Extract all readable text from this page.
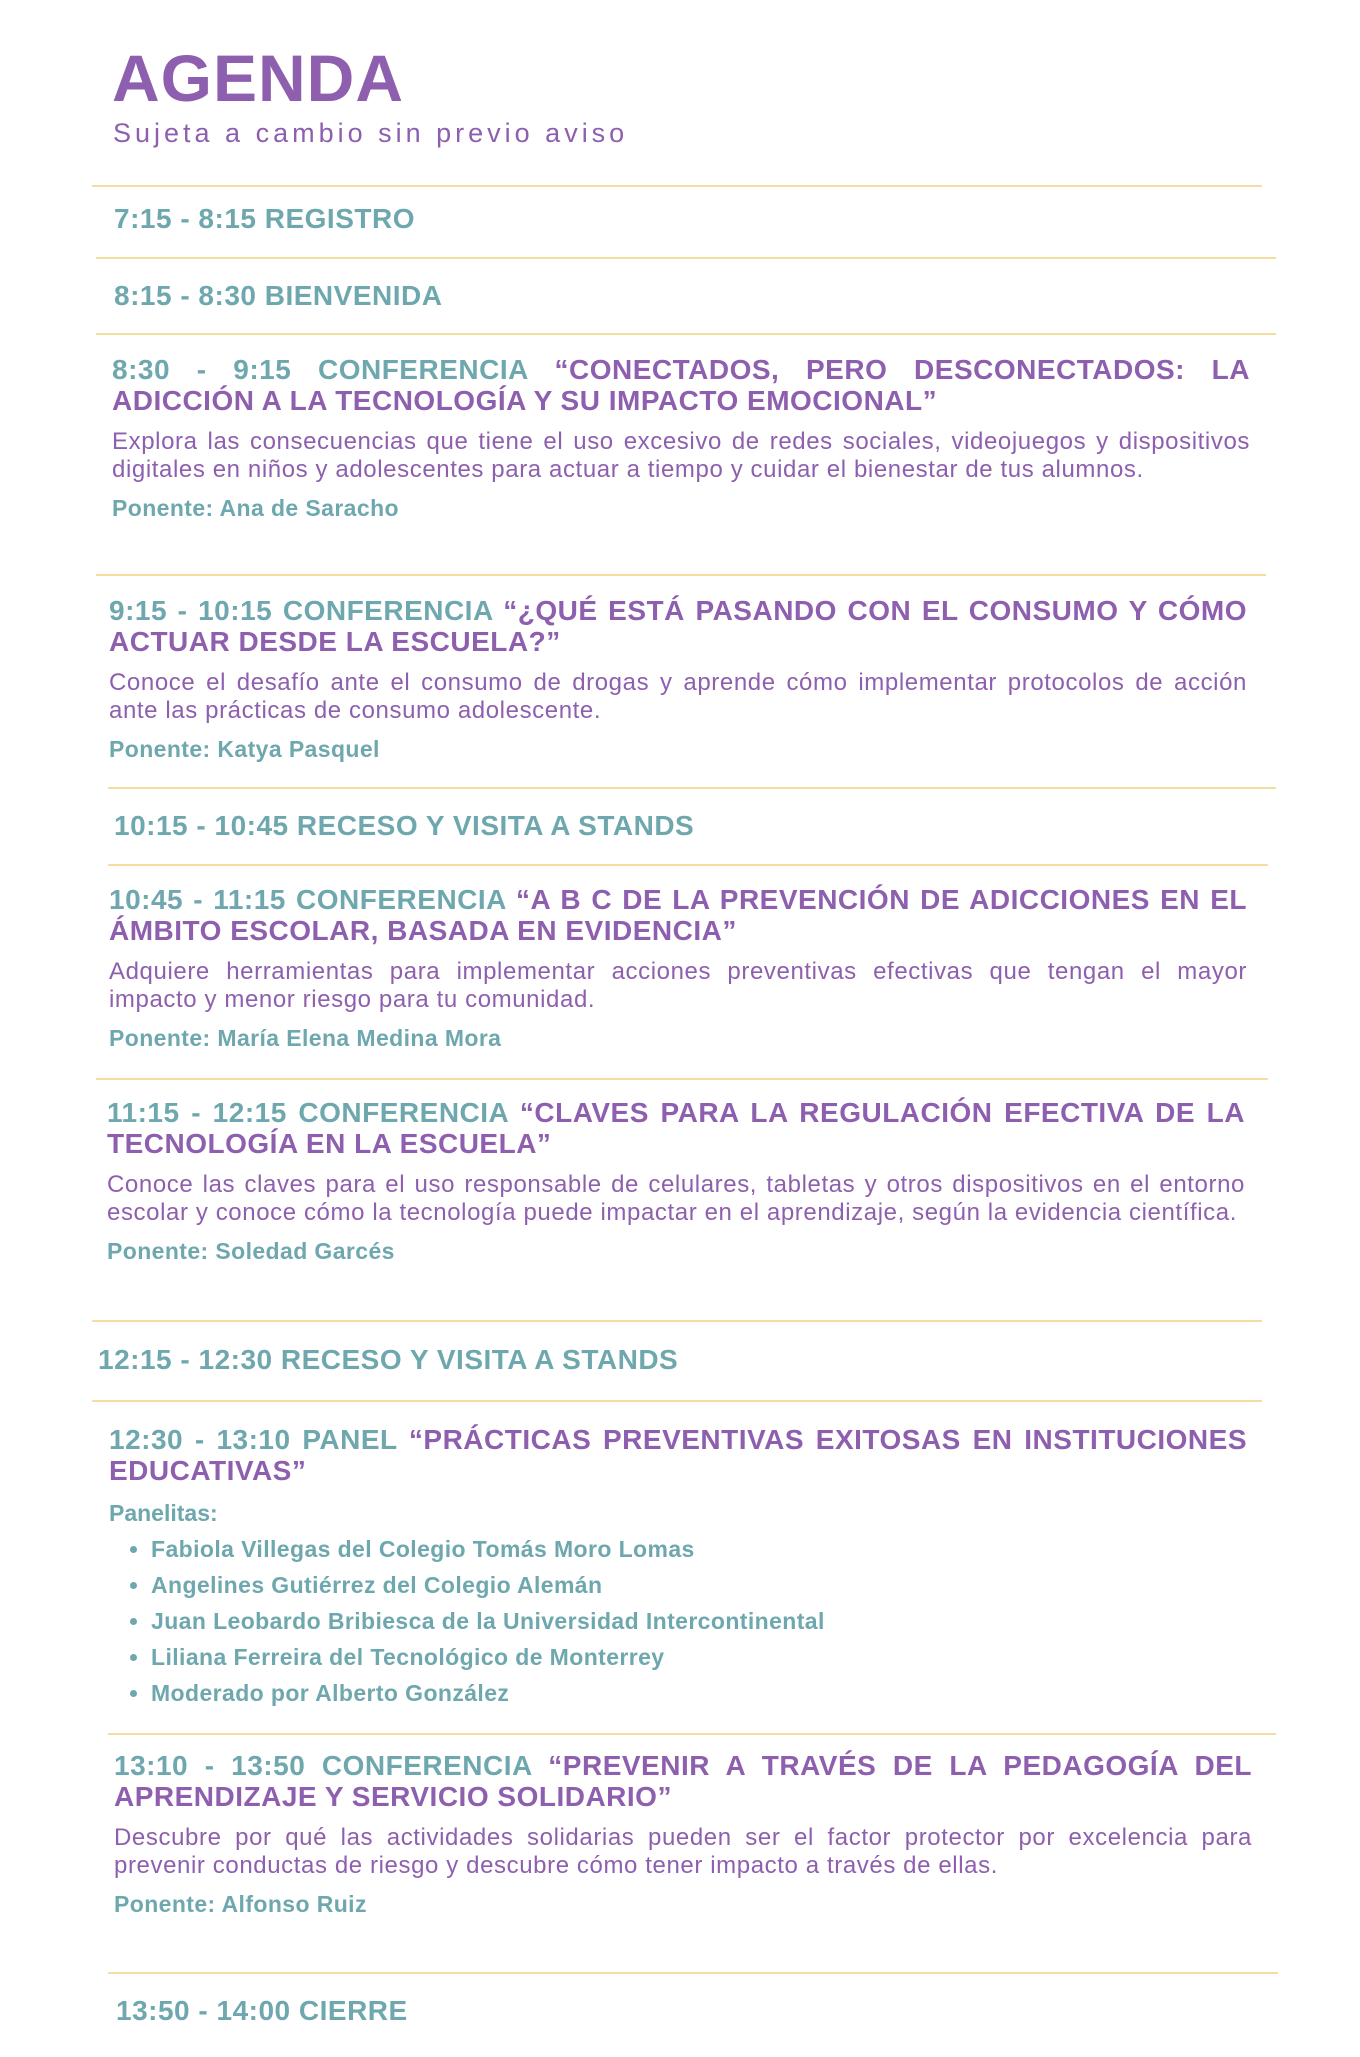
AGENDA
Sujeta a cambio sin previo aviso
7:15 - 8:15 REGISTRO
8:15 - 8:30 BIENVENIDA
8:30 - 9:15 CONFERENCIA “CONECTADOS, PERO DESCONECTADOS: LA ADICCIÓN A LA TECNOLOGÍA Y SU IMPACTO EMOCIONAL”
Explora las consecuencias que tiene el uso excesivo de redes sociales, videojuegos y dispositivos digitales en niños y adolescentes para actuar a tiempo y cuidar el bienestar de tus alumnos.
Ponente: Ana de Saracho
9:15 - 10:15 CONFERENCIA “¿QUÉ ESTÁ PASANDO CON EL CONSUMO Y CÓMO ACTUAR DESDE LA ESCUELA?”
Conoce el desafío ante el consumo de drogas y aprende cómo implementar protocolos de acción ante las prácticas de consumo adolescente.
Ponente: Katya Pasquel
10:15 - 10:45 RECESO Y VISITA A STANDS
10:45 - 11:15 CONFERENCIA “A B C DE LA PREVENCIÓN DE ADICCIONES EN EL ÁMBITO ESCOLAR, BASADA EN EVIDENCIA”
Adquiere herramientas para implementar acciones preventivas efectivas que tengan el mayor impacto y menor riesgo para tu comunidad.
Ponente: María Elena Medina Mora
11:15 - 12:15 CONFERENCIA “CLAVES PARA LA REGULACIÓN EFECTIVA DE LA TECNOLOGÍA EN LA ESCUELA”
Conoce las claves para el uso responsable de celulares, tabletas y otros dispositivos en el entorno escolar y conoce cómo la tecnología puede impactar en el aprendizaje, según la evidencia científica.
Ponente: Soledad Garcés
12:15 - 12:30 RECESO Y VISITA A STANDS
12:30 - 13:10 PANEL “PRÁCTICAS PREVENTIVAS EXITOSAS EN INSTITUCIONES EDUCATIVAS”
Panelitas:
• Fabiola Villegas del Colegio Tomás Moro Lomas
• Angelines Gutiérrez del Colegio Alemán
• Juan Leobardo Bribiesca de la Universidad Intercontinental
• Liliana Ferreira del Tecnológico de Monterrey
• Moderado por Alberto González
13:10 - 13:50 CONFERENCIA “PREVENIR A TRAVÉS DE LA PEDAGOGÍA DEL APRENDIZAJE Y SERVICIO SOLIDARIO”
Descubre por qué las actividades solidarias pueden ser el factor protector por excelencia para prevenir conductas de riesgo y descubre cómo tener impacto a través de ellas.
Ponente: Alfonso Ruiz
13:50 - 14:00 CIERRE
